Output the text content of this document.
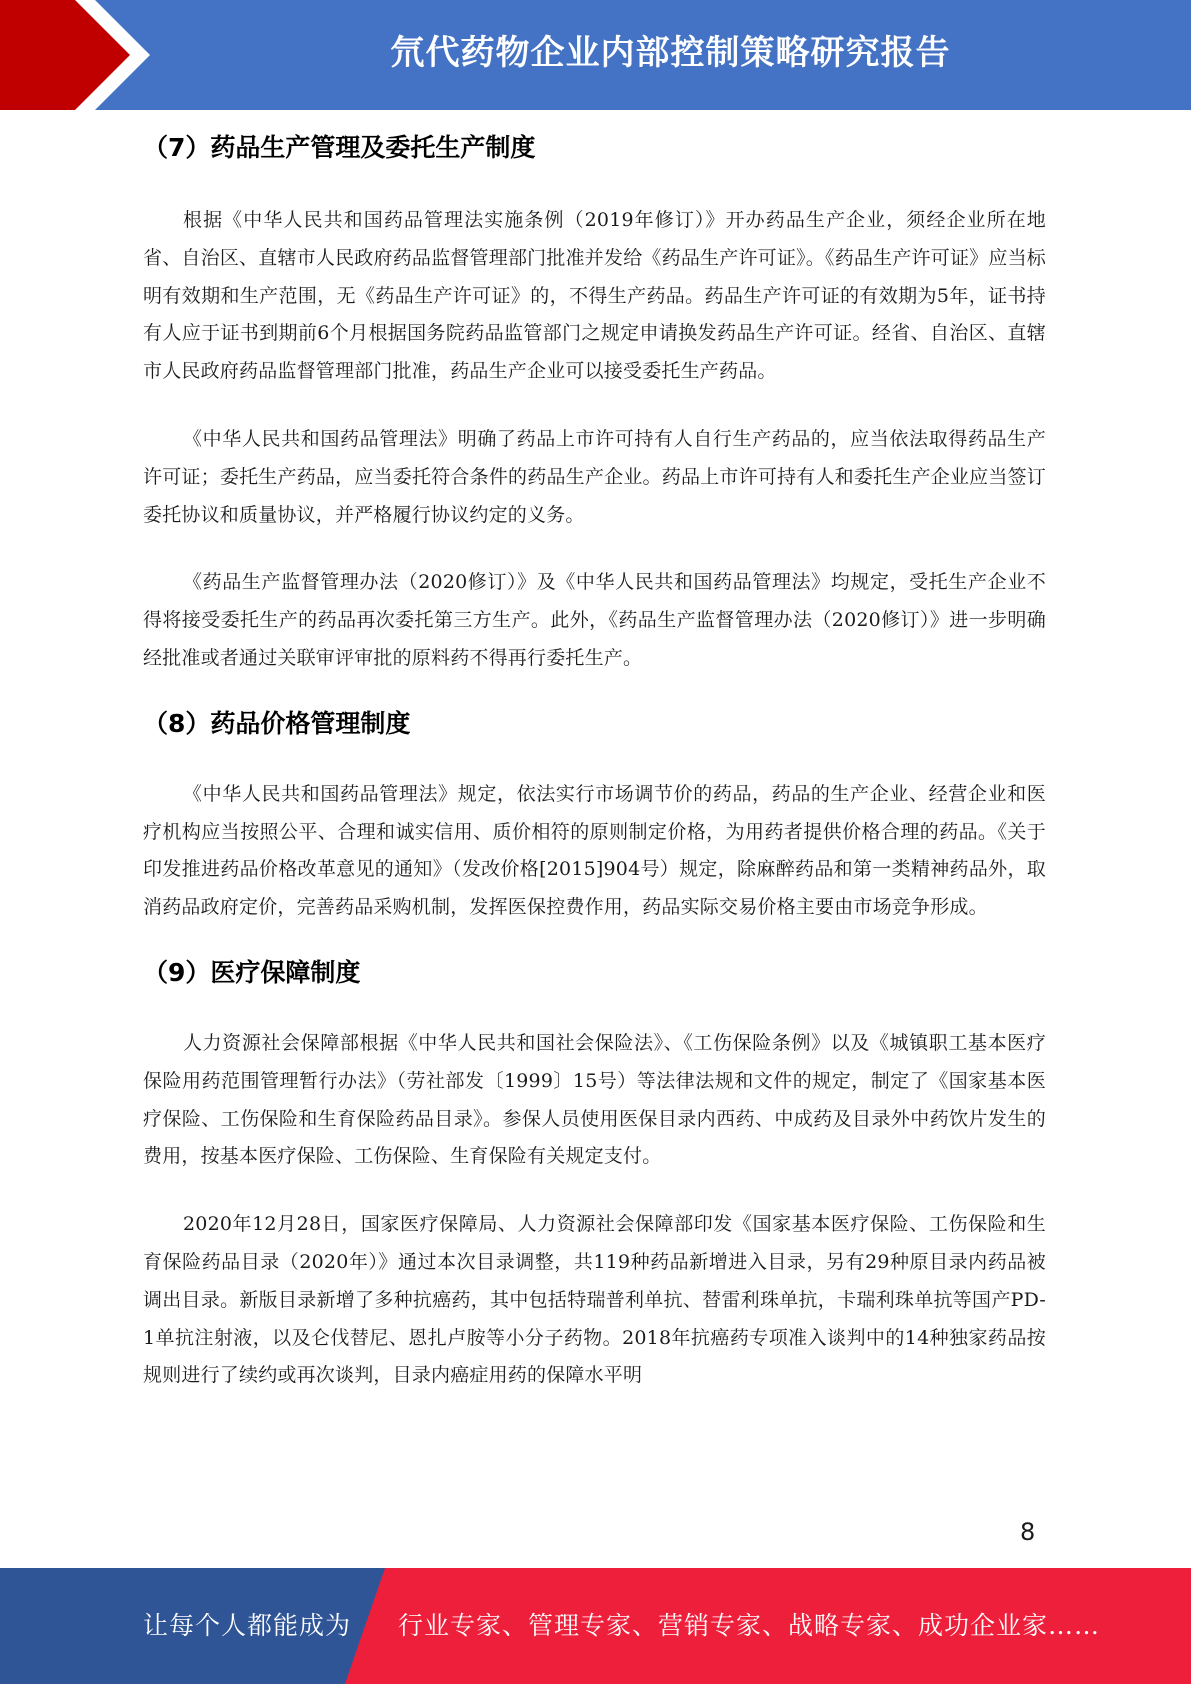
氘代药物企业内部控制策略研究报告
（7）药品生产管理及委托生产制度

根据《中华人民共和国药品管理法实施条例（2019年修订）》开办药品生产企业，须经企业所在地省、自治区、直辖市人民政府药品监督管理部门批准并发给《药品生产许可证》。《药品生产许可证》应当标明有效期和生产范围，无《药品生产许可证》的，不得生产药品。药品生产许可证的有效期为5年，证书持有人应于证书到期前6个月根据国务院药品监管部门之规定申请换发药品生产许可证。经省、自治区、直辖市人民政府药品监督管理部门批准，药品生产企业可以接受委托生产药品。

《中华人民共和国药品管理法》明确了药品上市许可持有人自行生产药品的，应当依法取得药品生产许可证；委托生产药品，应当委托符合条件的药品生产企业。药品上市许可持有人和委托生产企业应当签订委托协议和质量协议，并严格履行协议约定的义务。

《药品生产监督管理办法（2020修订）》及《中华人民共和国药品管理法》均规定，受托生产企业不得将接受委托生产的药品再次委托第三方生产。此外，《药品生产监督管理办法（2020修订）》进一步明确经批准或者通过关联审评审批的原料药不得再行委托生产。

（8）药品价格管理制度

《中华人民共和国药品管理法》规定，依法实行市场调节价的药品，药品的生产企业、经营企业和医疗机构应当按照公平、合理和诚实信用、质价相符的原则制定价格，为用药者提供价格合理的药品。《关于印发推进药品价格改革意见的通知》（发改价格[2015]904号）规定，除麻醉药品和第一类精神药品外，取消药品政府定价，完善药品采购机制，发挥医保控费作用，药品实际交易价格主要由市场竞争形成。

（9）医疗保障制度

人力资源社会保障部根据《中华人民共和国社会保险法》、《工伤保险条例》以及《城镇职工基本医疗保险用药范围管理暂行办法》（劳社部发〔1999〕15号）等法律法规和文件的规定，制定了《国家基本医疗保险、工伤保险和生育保险药品目录》。参保人员使用医保目录内西药、中成药及目录外中药饮片发生的费用，按基本医疗保险、工伤保险、生育保险有关规定支付。

2020年12月28日，国家医疗保障局、人力资源社会保障部印发《国家基本医疗保险、工伤保险和生育保险药品目录（2020年）》通过本次目录调整，共119种药品新增进入目录，另有29种原目录内药品被调出目录。新版目录新增了多种抗癌药，其中包括特瑞普利单抗、替雷利珠单抗，卡瑞利珠单抗等国产PD-1单抗注射液，以及仑伐替尼、恩扎卢胺等小分子药物。2018年抗癌药专项准入谈判中的14种独家药品按规则进行了续约或再次谈判，目录内癌症用药的保障水平明

8
让每个人都能成为 行业专家、管理专家、营销专家、战略专家、成功企业家……
